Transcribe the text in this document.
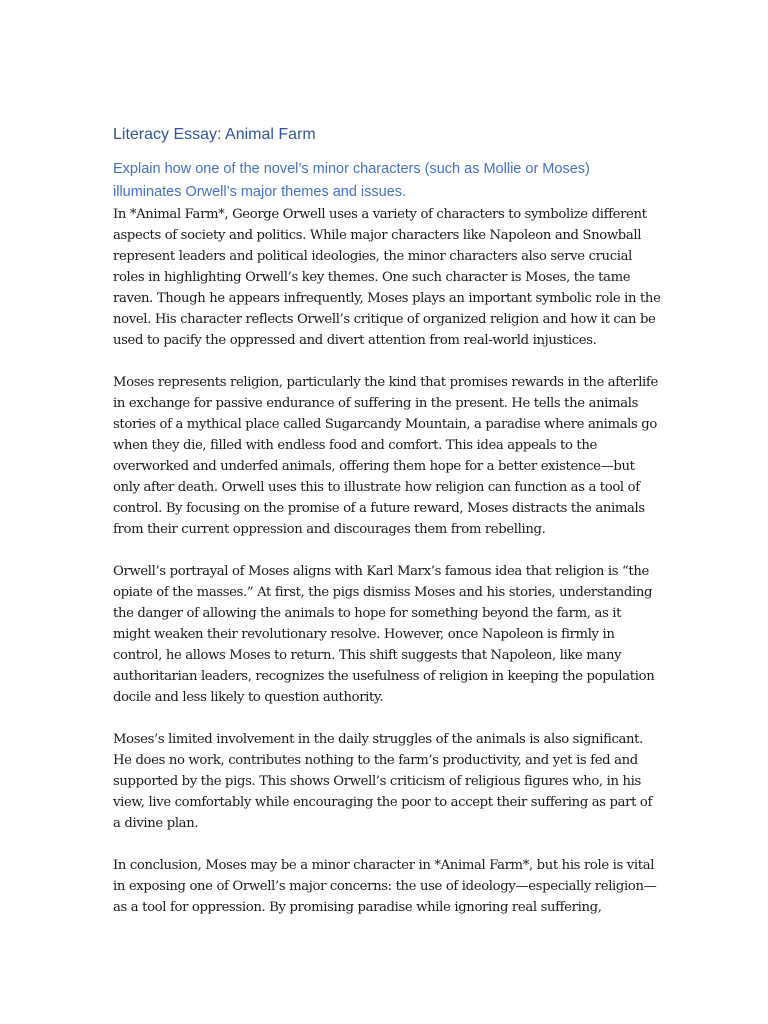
Literacy Essay: Animal Farm
Explain how one of the novel’s minor characters (such as Mollie or Moses) illuminates Orwell’s major themes and issues.

In *Animal Farm*, George Orwell uses a variety of characters to symbolize different aspects of society and politics. While major characters like Napoleon and Snowball represent leaders and political ideologies, the minor characters also serve crucial roles in highlighting Orwell’s key themes. One such character is Moses, the tame raven. Though he appears infrequently, Moses plays an important symbolic role in the novel. His character reflects Orwell’s critique of organized religion and how it can be used to pacify the oppressed and divert attention from real-world injustices.

Moses represents religion, particularly the kind that promises rewards in the afterlife in exchange for passive endurance of suffering in the present. He tells the animals stories of a mythical place called Sugarcandy Mountain, a paradise where animals go when they die, filled with endless food and comfort. This idea appeals to the overworked and underfed animals, offering them hope for a better existence—but only after death. Orwell uses this to illustrate how religion can function as a tool of control. By focusing on the promise of a future reward, Moses distracts the animals from their current oppression and discourages them from rebelling.

Orwell’s portrayal of Moses aligns with Karl Marx’s famous idea that religion is “the opiate of the masses.” At first, the pigs dismiss Moses and his stories, understanding the danger of allowing the animals to hope for something beyond the farm, as it might weaken their revolutionary resolve. However, once Napoleon is firmly in control, he allows Moses to return. This shift suggests that Napoleon, like many authoritarian leaders, recognizes the usefulness of religion in keeping the population docile and less likely to question authority.

Moses’s limited involvement in the daily struggles of the animals is also significant. He does no work, contributes nothing to the farm’s productivity, and yet is fed and supported by the pigs. This shows Orwell’s criticism of religious figures who, in his view, live comfortably while encouraging the poor to accept their suffering as part of a divine plan.

In conclusion, Moses may be a minor character in *Animal Farm*, but his role is vital in exposing one of Orwell’s major concerns: the use of ideology—especially religion—as a tool for oppression. By promising paradise while ignoring real suffering,
